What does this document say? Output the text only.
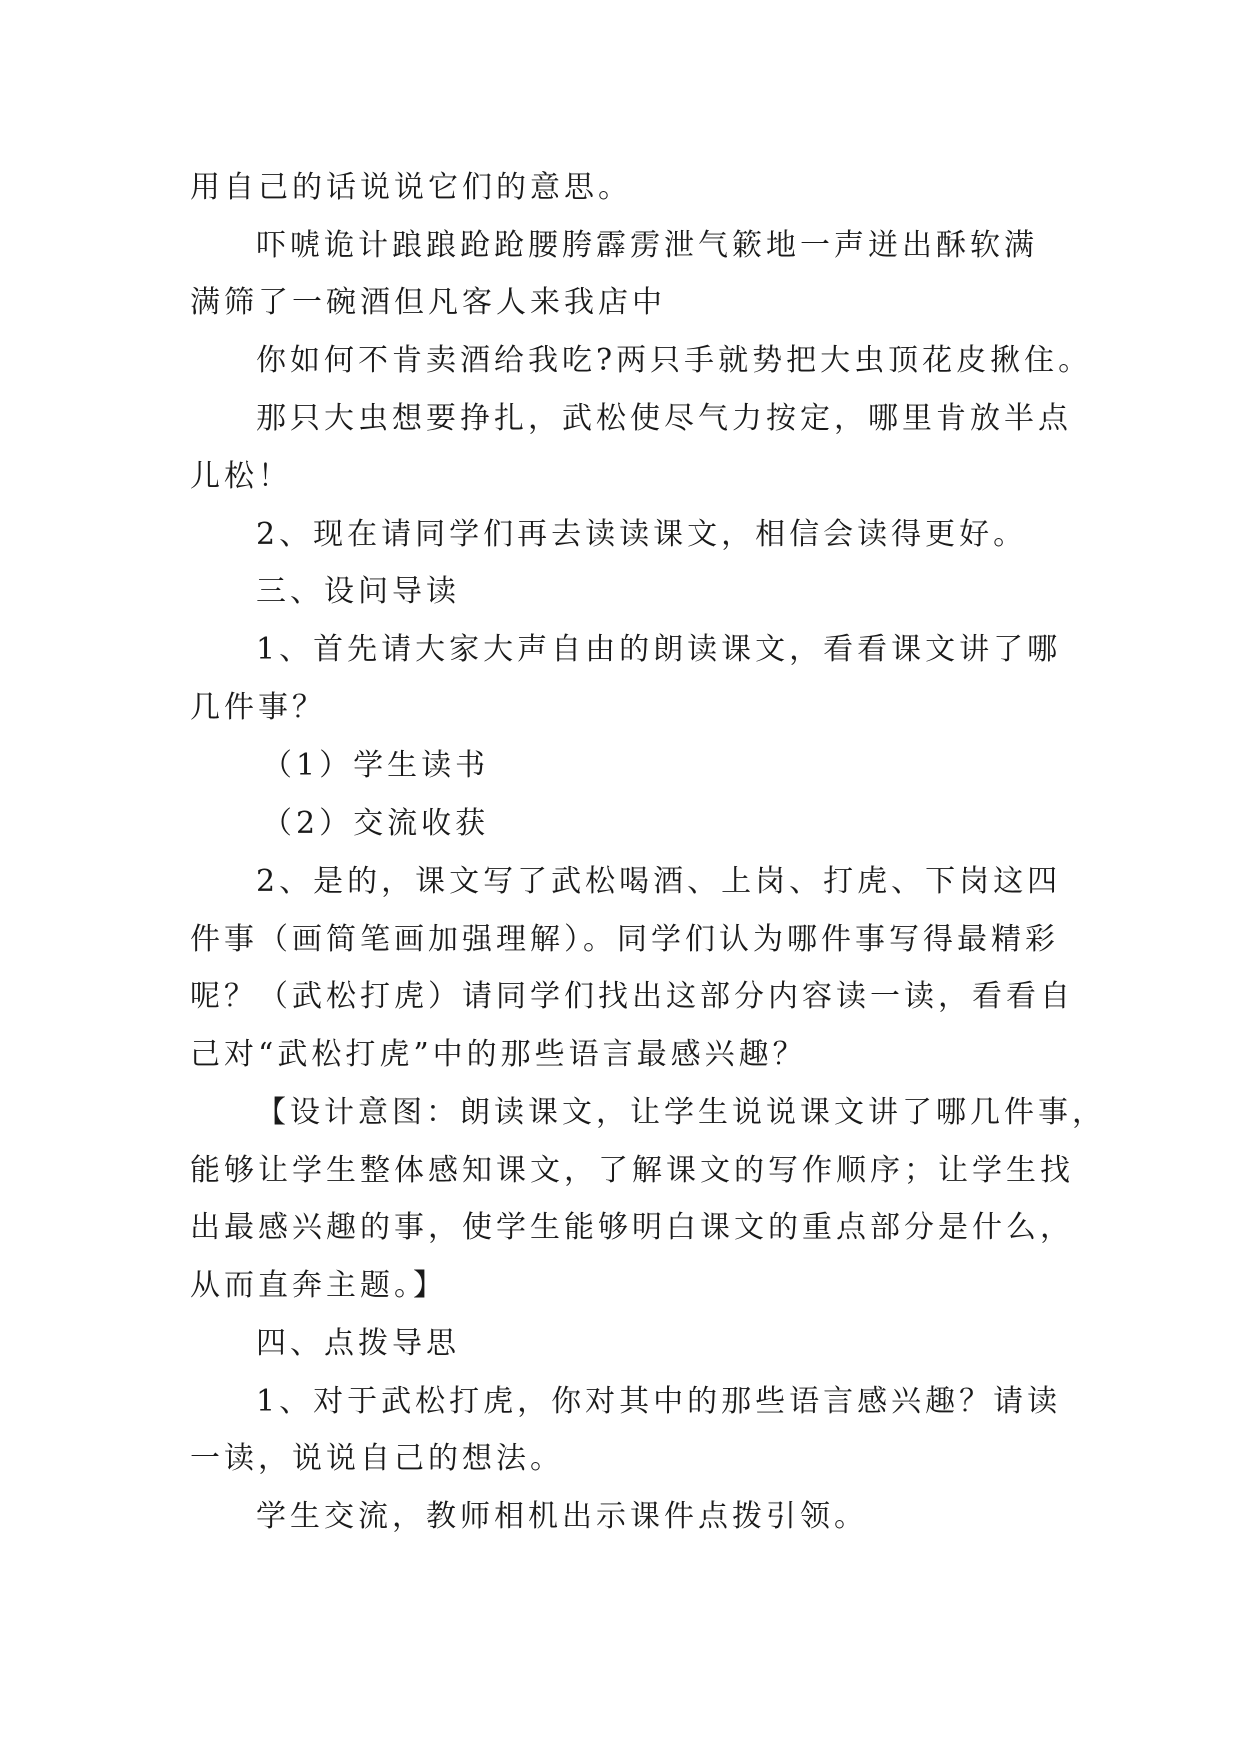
用自己的话说说它们的意思。
吓唬诡计踉踉跄跄腰胯霹雳泄气簌地一声迸出酥软满
满筛了一碗酒但凡客人来我店中
你如何不肯卖酒给我吃?两只手就势把大虫顶花皮揪住。
那只大虫想要挣扎，武松使尽气力按定，哪里肯放半点
儿松！
2、现在请同学们再去读读课文，相信会读得更好。
三、设问导读
1、首先请大家大声自由的朗读课文，看看课文讲了哪
几件事？
（1）学生读书
（2）交流收获
2、是的，课文写了武松喝酒、上岗、打虎、下岗这四
件事（画简笔画加强理解）。同学们认为哪件事写得最精彩
呢？（武松打虎）请同学们找出这部分内容读一读，看看自
己对“武松打虎”中的那些语言最感兴趣？
【设计意图：朗读课文，让学生说说课文讲了哪几件事，
能够让学生整体感知课文，了解课文的写作顺序；让学生找
出最感兴趣的事，使学生能够明白课文的重点部分是什么，
从而直奔主题。】
四、点拨导思
1、对于武松打虎，你对其中的那些语言感兴趣？请读
一读，说说自己的想法。
学生交流，教师相机出示课件点拨引领。
